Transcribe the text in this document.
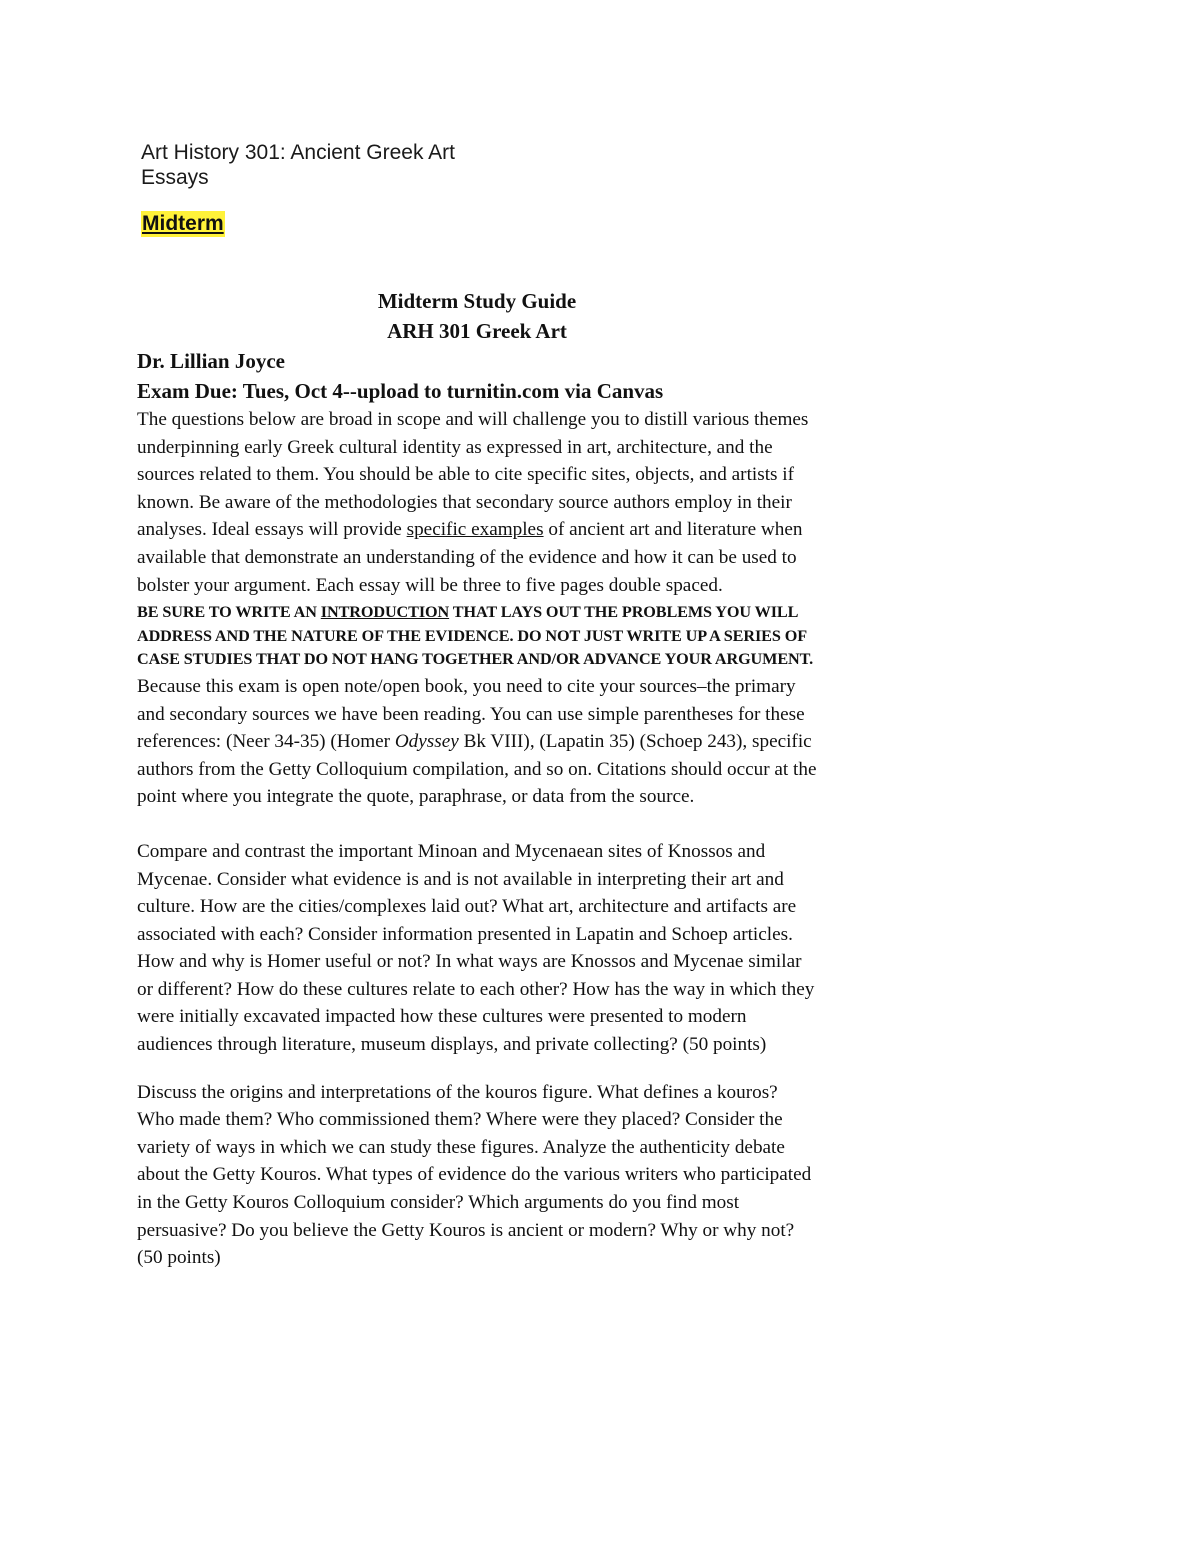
Art History 301: Ancient Greek Art
Essays
Midterm
Midterm Study Guide
ARH 301 Greek Art
Dr. Lillian Joyce
Exam Due: Tues, Oct 4--upload to turnitin.com via Canvas
The questions below are broad in scope and will challenge you to distill various themes underpinning early Greek cultural identity as expressed in art, architecture, and the sources related to them. You should be able to cite specific sites, objects, and artists if known. Be aware of the methodologies that secondary source authors employ in their analyses. Ideal essays will provide specific examples of ancient art and literature when available that demonstrate an understanding of the evidence and how it can be used to bolster your argument. Each essay will be three to five pages double spaced.
BE SURE TO WRITE AN INTRODUCTION THAT LAYS OUT THE PROBLEMS YOU WILL ADDRESS AND THE NATURE OF THE EVIDENCE. DO NOT JUST WRITE UP A SERIES OF CASE STUDIES THAT DO NOT HANG TOGETHER AND/OR ADVANCE YOUR ARGUMENT.
Because this exam is open note/open book, you need to cite your sources–the primary and secondary sources we have been reading. You can use simple parentheses for these references: (Neer 34-35) (Homer Odyssey Bk VIII), (Lapatin 35) (Schoep 243), specific authors from the Getty Colloquium compilation, and so on. Citations should occur at the point where you integrate the quote, paraphrase, or data from the source.
Compare and contrast the important Minoan and Mycenaean sites of Knossos and Mycenae. Consider what evidence is and is not available in interpreting their art and culture. How are the cities/complexes laid out? What art, architecture and artifacts are associated with each? Consider information presented in Lapatin and Schoep articles. How and why is Homer useful or not? In what ways are Knossos and Mycenae similar or different? How do these cultures relate to each other? How has the way in which they were initially excavated impacted how these cultures were presented to modern audiences through literature, museum displays, and private collecting? (50 points)
Discuss the origins and interpretations of the kouros figure. What defines a kouros? Who made them? Who commissioned them? Where were they placed? Consider the variety of ways in which we can study these figures. Analyze the authenticity debate about the Getty Kouros. What types of evidence do the various writers who participated in the Getty Kouros Colloquium consider? Which arguments do you find most persuasive? Do you believe the Getty Kouros is ancient or modern? Why or why not? (50 points)
